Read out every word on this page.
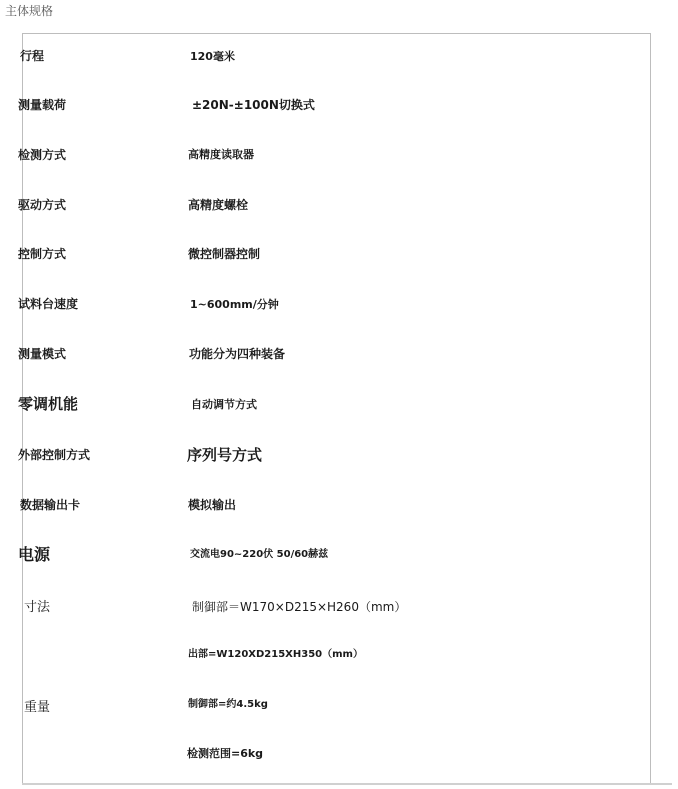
主体规格
行程	120毫米
测量载荷	±20N-±100N切换式
检测方式	高精度读取器
驱动方式	高精度螺栓
控制方式	微控制器控制
试料台速度	1~600mm/分钟
测量模式	功能分为四种装备
零调机能	自动调节方式
外部控制方式	序列号方式
数据输出卡	模拟输出
电源	交流电90~220伏 50/60赫兹
寸法	制御部＝W170×D215×H260（mm）
出部=W120XD215XH350（mm）
重量	制御部=约4.5kg
检测范围=6kg
